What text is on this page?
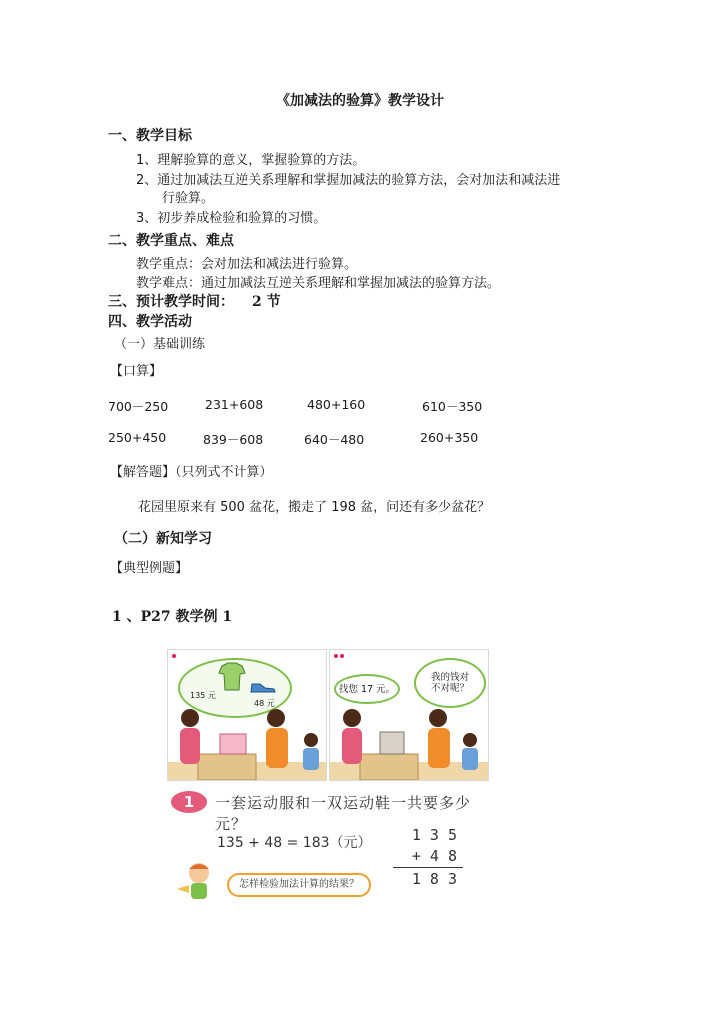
《加减法的验算》教学设计
一、教学目标
1、理解验算的意义，掌握验算的方法。
2、通过加减法互逆关系理解和掌握加减法的验算方法，会对加法和减法进
行验算。
3、初步养成检验和验算的习惯。
二、教学重点、难点
教学重点：会对加法和减法进行验算。
教学难点：通过加减法互逆关系理解和掌握加减法的验算方法。
三、预计教学时间： 2 节
四、教学活动
（一）基础训练
【口算】
700－250	231+608	480+160	610－350
250+450	839－608	640－480	260+350
【解答题】（只列式不计算）
花园里原来有 500 盆花，搬走了 198 盆，问还有多少盆花？
（二）新知学习
【典型例题】
1 、P27 教学例 1
135 元
48 元
找您 17 元。
我的钱对不对呢？
1	一套运动服和一双运动鞋一共要多少元？
135 + 48 = 183（元）	1 3 5
+ 4 8
1 8 3
怎样检验加法计算的结果？
